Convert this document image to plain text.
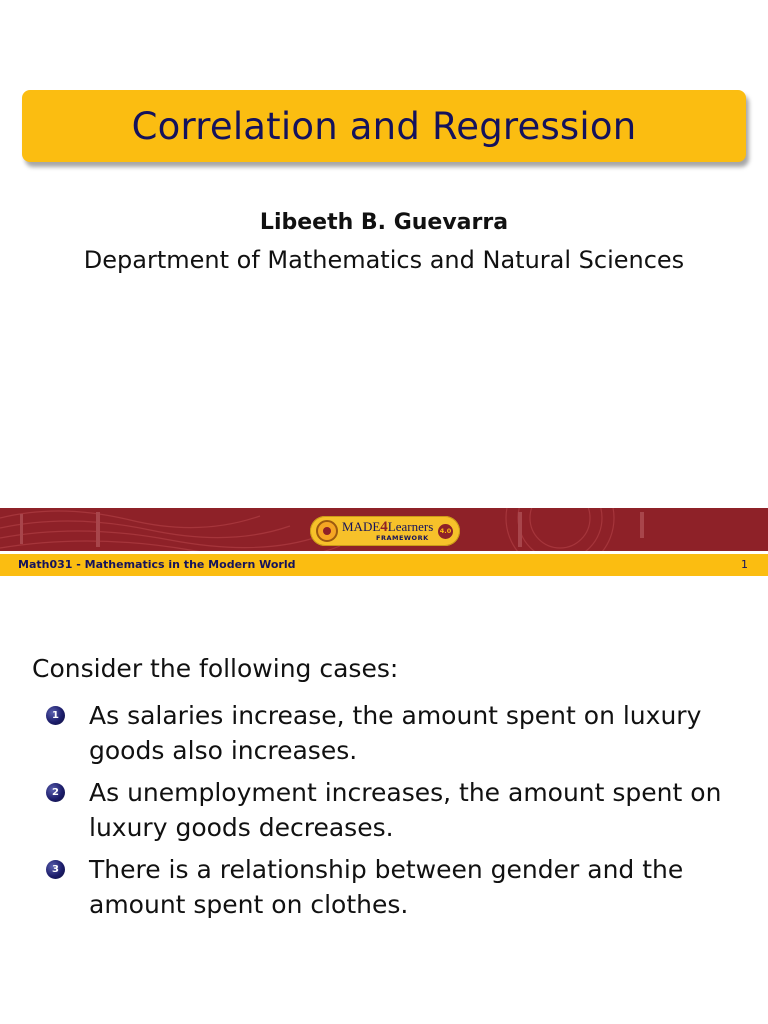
Correlation and Regression
Libeeth B. Guevarra
Department of Mathematics and Natural Sciences
MADE4Learners
FRAMEWORK
4.0
Math031 - Mathematics in the Modern World	1
Consider the following cases:
1 As salaries increase, the amount spent on luxury goods also increases.
2 As unemployment increases, the amount spent on luxury goods decreases.
3 There is a relationship between gender and the amount spent on clothes.
